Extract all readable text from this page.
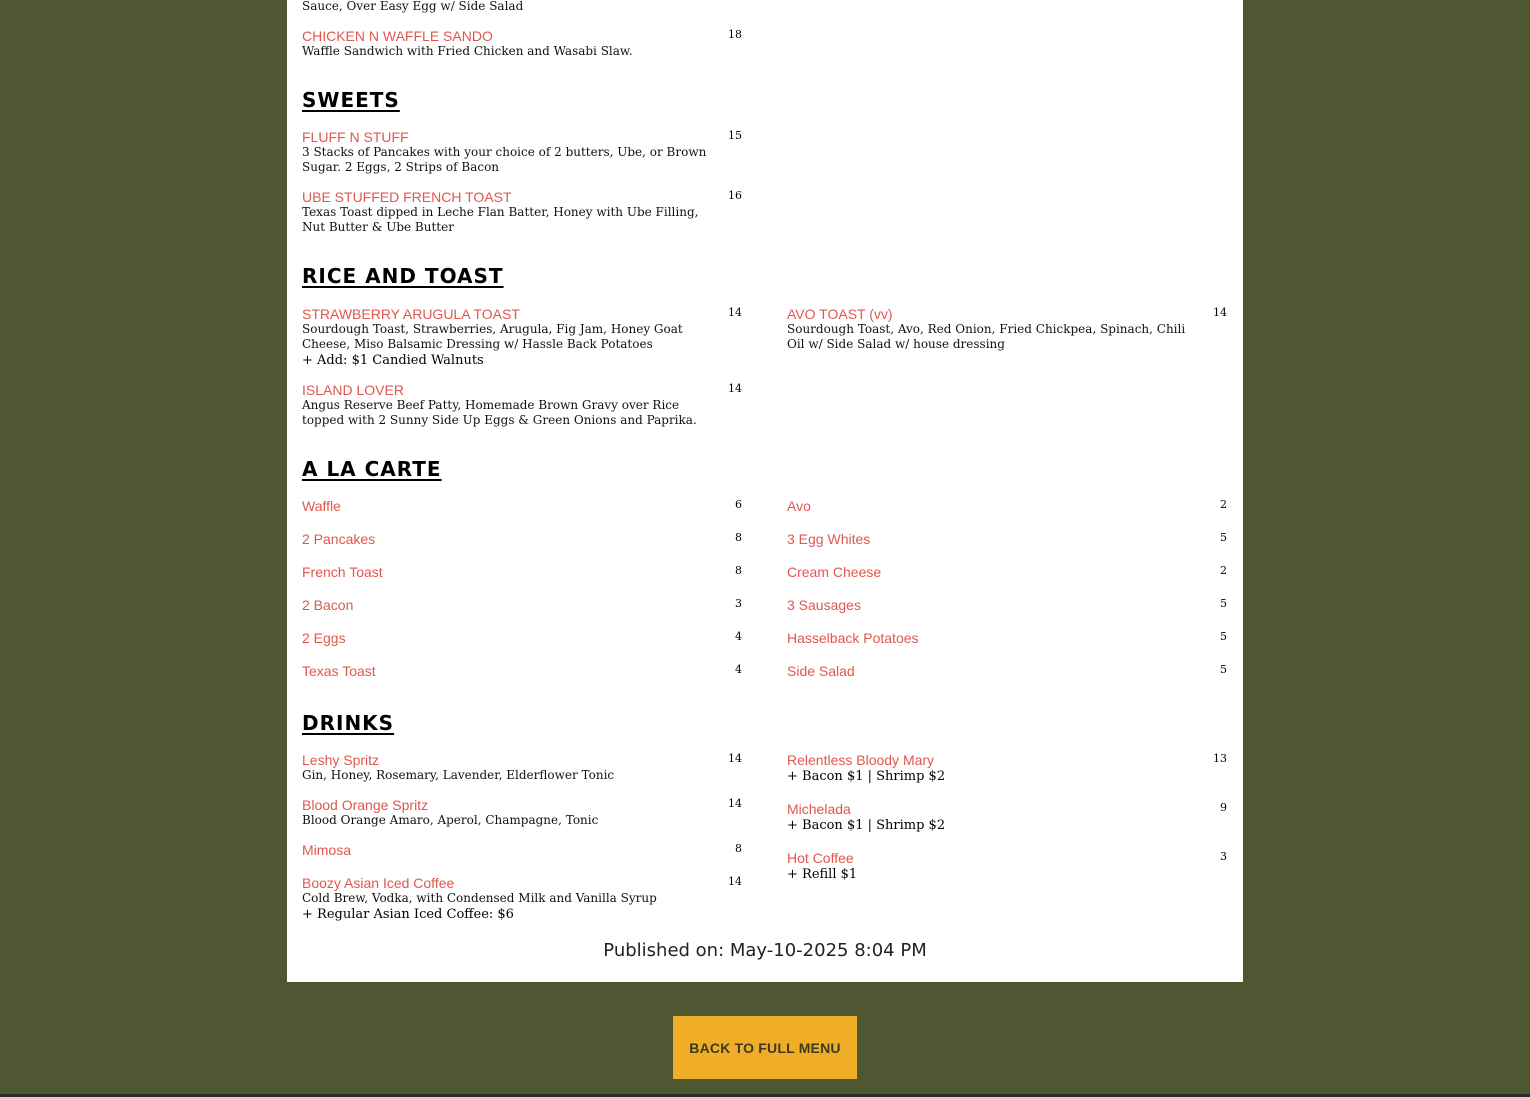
Sauce, Over Easy Egg w/ Side Salad
CHICKEN N WAFFLE SANDO	18
Waffle Sandwich with Fried Chicken and Wasabi Slaw.
SWEETS
FLUFF N STUFF	15
3 Stacks of Pancakes with your choice of 2 butters, Ube, or Brown Sugar. 2 Eggs, 2 Strips of Bacon
UBE STUFFED FRENCH TOAST	16
Texas Toast dipped in Leche Flan Batter, Honey with Ube Filling, Nut Butter & Ube Butter
RICE AND TOAST
STRAWBERRY ARUGULA TOAST	14
Sourdough Toast, Strawberries, Arugula, Fig Jam, Honey Goat Cheese, Miso Balsamic Dressing w/ Hassle Back Potatoes
+ Add: $1 Candied Walnuts
AVO TOAST (vv)	14
Sourdough Toast, Avo, Red Onion, Fried Chickpea, Spinach, Chili Oil w/ Side Salad w/ house dressing
ISLAND LOVER	14
Angus Reserve Beef Patty, Homemade Brown Gravy over Rice topped with 2 Sunny Side Up Eggs & Green Onions and Paprika.
A LA CARTE
Waffle	6
2 Pancakes	8
French Toast	8
2 Bacon	3
2 Eggs	4
Texas Toast	4
Avo	2
3 Egg Whites	5
Cream Cheese	2
3 Sausages	5
Hasselback Potatoes	5
Side Salad	5
DRINKS
Leshy Spritz	14
Gin, Honey, Rosemary, Lavender, Elderflower Tonic
Blood Orange Spritz	14
Blood Orange Amaro, Aperol, Champagne, Tonic
Mimosa	8
Boozy Asian Iced Coffee	14
Cold Brew, Vodka, with Condensed Milk and Vanilla Syrup
+ Regular Asian Iced Coffee: $6
Relentless Bloody Mary	13
+ Bacon $1 | Shrimp $2
Michelada	9
+ Bacon $1 | Shrimp $2
Hot Coffee	3
+ Refill $1
Published on: May-10-2025 8:04 PM
BACK TO FULL MENU
